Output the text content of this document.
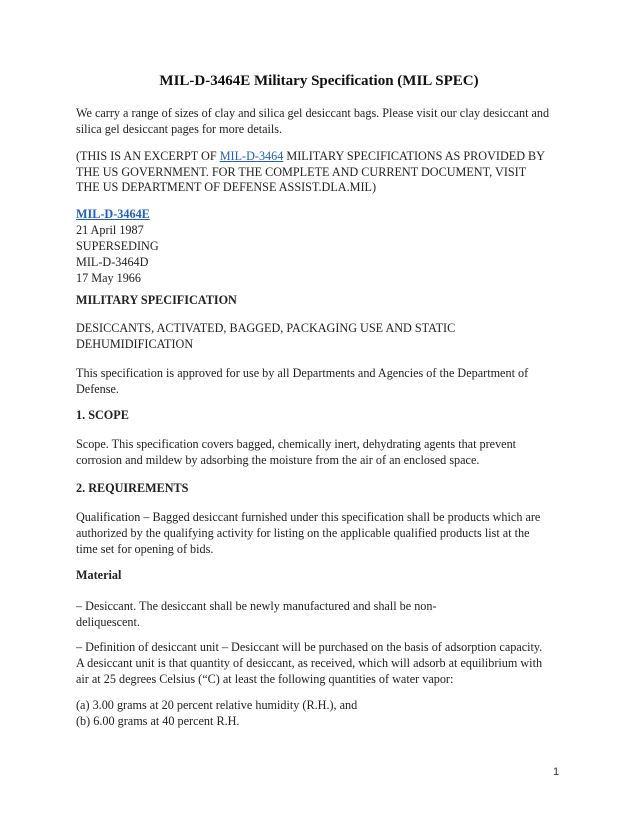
MIL-D-3464E Military Specification (MIL SPEC)

We carry a range of sizes of clay and silica gel desiccant bags. Please visit our clay desiccant and

silica gel desiccant pages for more details.

(THIS IS AN EXCERPT OF MIL-D-3464 MILITARY SPECIFICATIONS AS PROVIDED BY

THE US GOVERNMENT. FOR THE COMPLETE AND CURRENT DOCUMENT, VISIT

THE US DEPARTMENT OF DEFENSE ASSIST.DLA.MIL)

MIL-D-3464E

21 April 1987

SUPERSEDING

MIL-D-3464D

17 May 1966

MILITARY SPECIFICATION

DESICCANTS, ACTIVATED, BAGGED, PACKAGING USE AND STATIC

DEHUMIDIFICATION

This specification is approved for use by all Departments and Agencies of the Department of

Defense.

1. SCOPE

Scope. This specification covers bagged, chemically inert, dehydrating agents that prevent

corrosion and mildew by adsorbing the moisture from the air of an enclosed space.

2. REQUIREMENTS

Qualification – Bagged desiccant furnished under this specification shall be products which are

authorized by the qualifying activity for listing on the applicable qualified products list at the

time set for opening of bids.

Material

– Desiccant. The desiccant shall be newly manufactured and shall be non-

deliquescent.

– Definition of desiccant unit – Desiccant will be purchased on the basis of adsorption capacity.

A desiccant unit is that quantity of desiccant, as received, which will adsorb at equilibrium with

air at 25 degrees Celsius (“C) at least the following quantities of water vapor:

(a) 3.00 grams at 20 percent relative humidity (R.H.), and

(b) 6.00 grams at 40 percent R.H.

1
